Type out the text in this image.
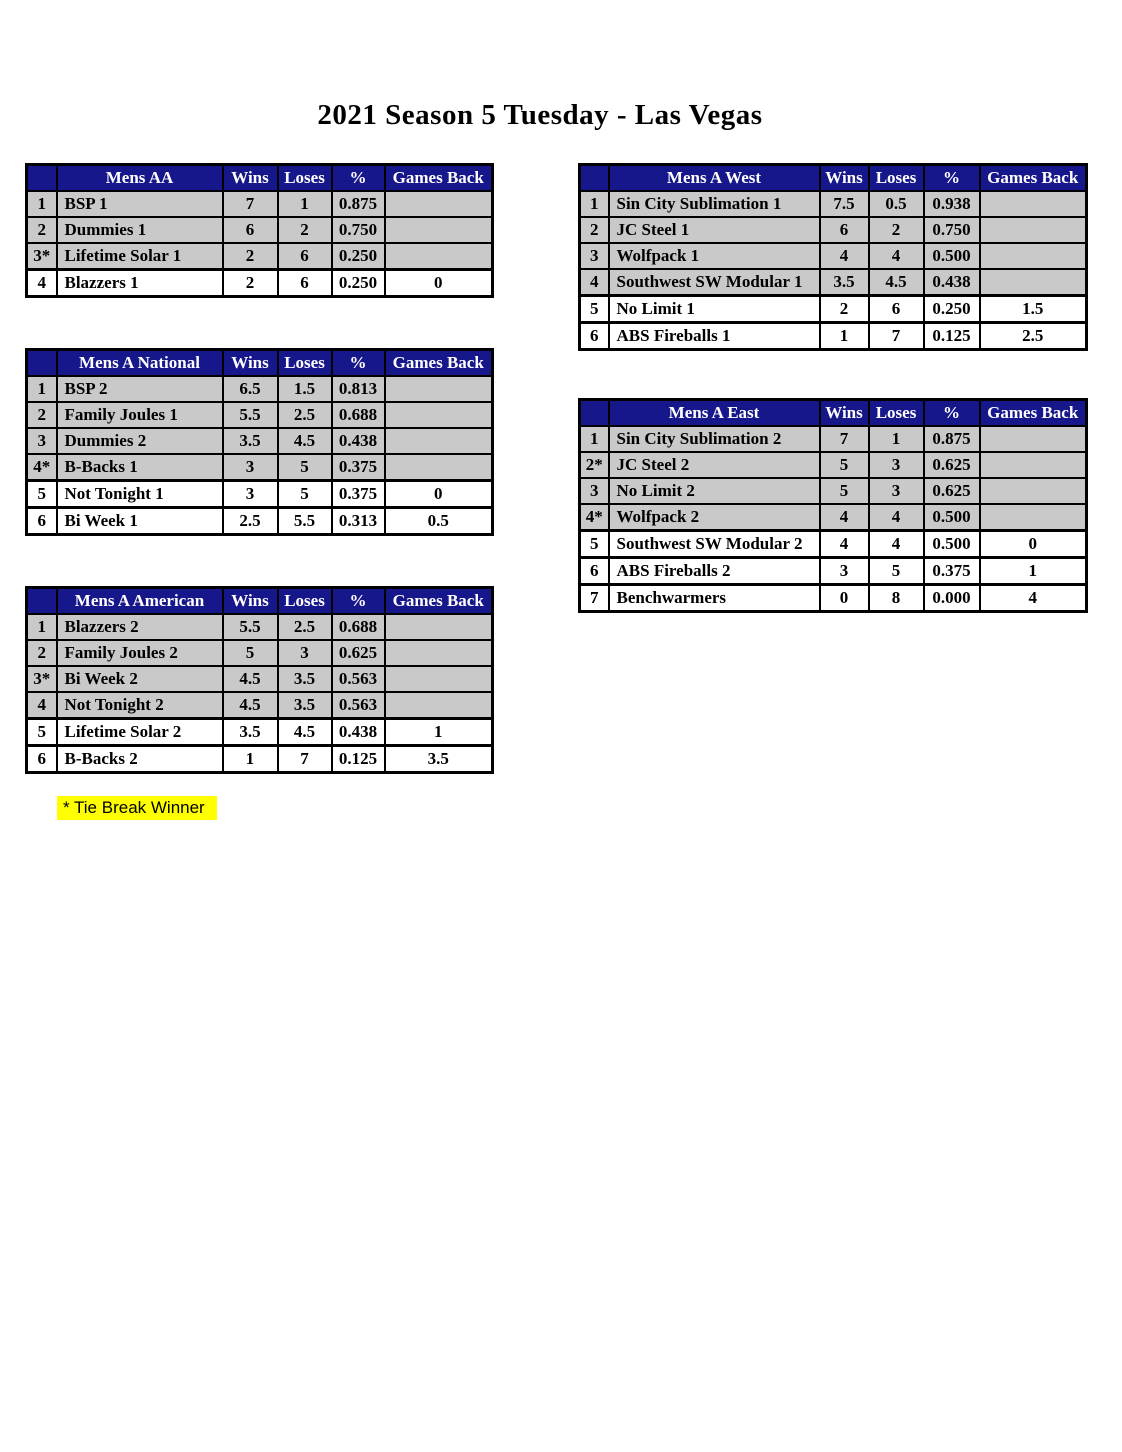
2021 Season 5 Tuesday - Las Vegas
	Mens AA	Wins	Loses	%	Games Back
1	BSP 1	7	1	0.875	
2	Dummies 1	6	2	0.750	
3*	Lifetime Solar 1	2	6	0.250	
4	Blazzers 1	2	6	0.250	0
	Mens A West	Wins	Loses	%	Games Back
1	Sin City Sublimation 1	7.5	0.5	0.938	
2	JC Steel 1	6	2	0.750	
3	Wolfpack 1	4	4	0.500	
4	Southwest SW Modular 1	3.5	4.5	0.438	
5	No Limit 1	2	6	0.250	1.5
6	ABS Fireballs 1	1	7	0.125	2.5
	Mens A National	Wins	Loses	%	Games Back
1	BSP 2	6.5	1.5	0.813	
2	Family Joules 1	5.5	2.5	0.688	
3	Dummies 2	3.5	4.5	0.438	
4*	B-Backs 1	3	5	0.375	
5	Not Tonight 1	3	5	0.375	0
6	Bi Week 1	2.5	5.5	0.313	0.5
	Mens A East	Wins	Loses	%	Games Back
1	Sin City Sublimation 2	7	1	0.875	
2*	JC Steel 2	5	3	0.625	
3	No Limit 2	5	3	0.625	
4*	Wolfpack 2	4	4	0.500	
5	Southwest SW Modular 2	4	4	0.500	0
6	ABS Fireballs 2	3	5	0.375	1
7	Benchwarmers	0	8	0.000	4
	Mens A American	Wins	Loses	%	Games Back
1	Blazzers 2	5.5	2.5	0.688	
2	Family Joules 2	5	3	0.625	
3*	Bi Week 2	4.5	3.5	0.563	
4	Not Tonight 2	4.5	3.5	0.563	
5	Lifetime Solar 2	3.5	4.5	0.438	1
6	B-Backs 2	1	7	0.125	3.5
* Tie Break Winner
